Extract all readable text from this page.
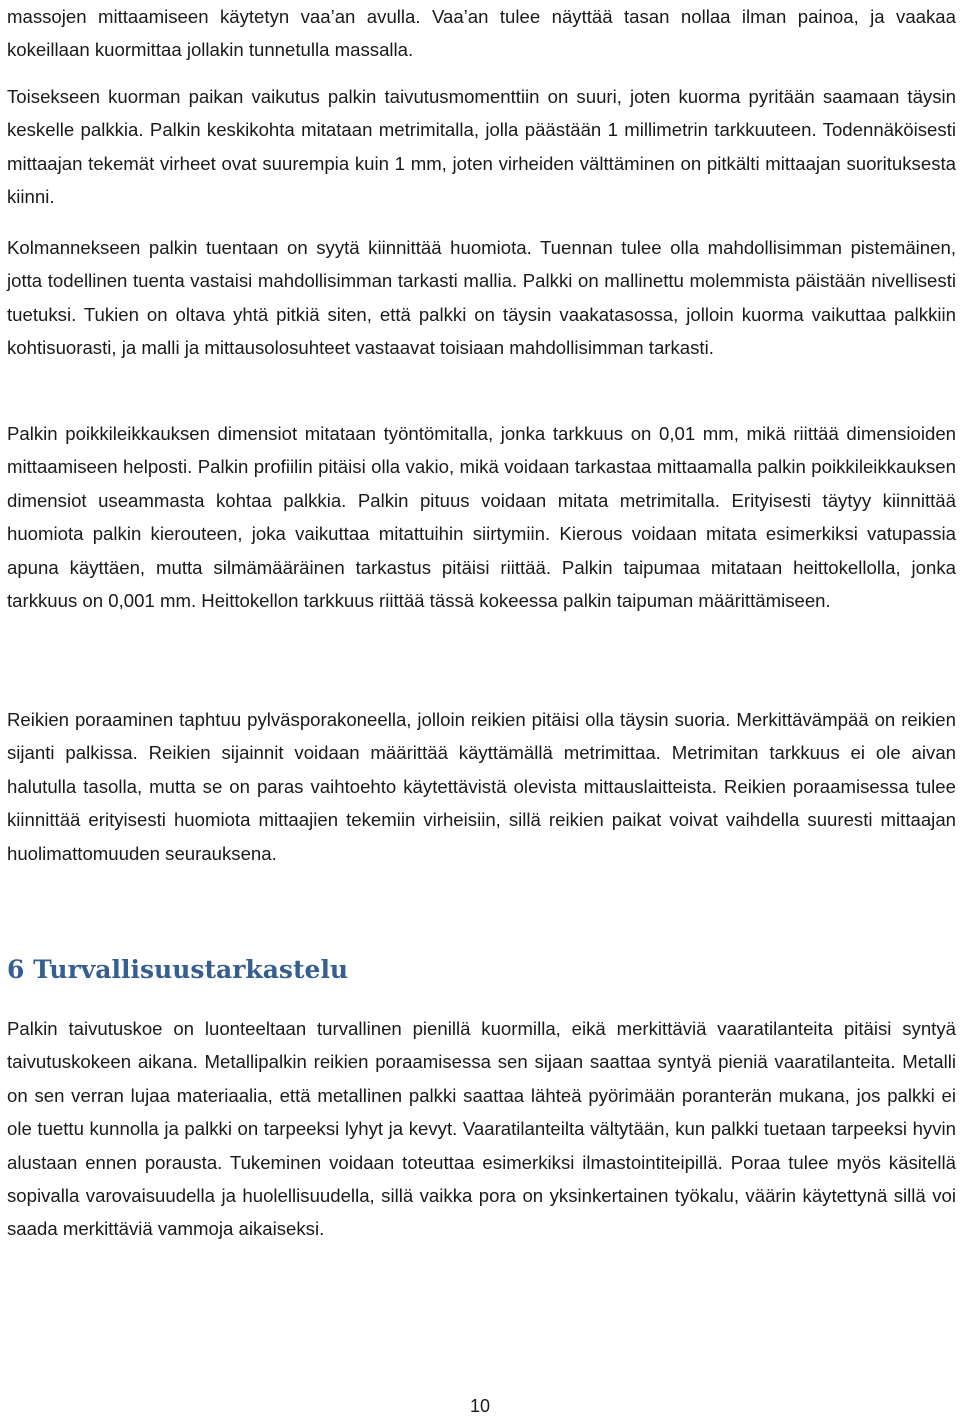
massojen mittaamiseen käytetyn vaa’an avulla. Vaa’an tulee näyttää tasan nollaa ilman painoa, ja vaakaa kokeillaan kuormittaa jollakin tunnetulla massalla.

Toisekseen kuorman paikan vaikutus palkin taivutusmomenttiin on suuri, joten kuorma pyritään saamaan täysin keskelle palkkia. Palkin keskikohta mitataan metrimitalla, jolla päästään 1 millimetrin tarkkuuteen. Todennäköisesti mittaajan tekemät virheet ovat suurempia kuin 1 mm, joten virheiden välttäminen on pitkälti mittaajan suorituksesta kiinni.

Kolmannekseen palkin tuentaan on syytä kiinnittää huomiota. Tuennan tulee olla mahdollisimman pistemäinen, jotta todellinen tuenta vastaisi mahdollisimman tarkasti mallia. Palkki on mallinettu molemmista päistään nivellisesti tuetuksi. Tukien on oltava yhtä pitkiä siten, että palkki on täysin vaakatasossa, jolloin kuorma vaikuttaa palkkiin kohtisuorasti, ja malli ja mittausolosuhteet vastaavat toisiaan mahdollisimman tarkasti.

Palkin poikkileikkauksen dimensiot mitataan työntömitalla, jonka tarkkuus on 0,01 mm, mikä riittää dimensioiden mittaamiseen helposti. Palkin profiilin pitäisi olla vakio, mikä voidaan tarkastaa mittaamalla palkin poikkileikkauksen dimensiot useammasta kohtaa palkkia. Palkin pituus voidaan mitata metrimitalla. Erityisesti täytyy kiinnittää huomiota palkin kierouteen, joka vaikuttaa mitattuihin siirtymiin. Kierous voidaan mitata esimerkiksi vatupassia apuna käyttäen, mutta silmämääräinen tarkastus pitäisi riittää. Palkin taipumaa mitataan heittokellolla, jonka tarkkuus on 0,001 mm. Heittokellon tarkkuus riittää tässä kokeessa palkin taipuman määrittämiseen.

Reikien poraaminen taphtuu pylväsporakoneella, jolloin reikien pitäisi olla täysin suoria. Merkittävämpää on reikien sijanti palkissa. Reikien sijainnit voidaan määrittää käyttämällä metrimittaa. Metrimitan tarkkuus ei ole aivan halutulla tasolla, mutta se on paras vaihtoehto käytettävistä olevista mittauslaitteista. Reikien poraamisessa tulee kiinnittää erityisesti huomiota mittaajien tekemiin virheisiin, sillä reikien paikat voivat vaihdella suuresti mittaajan huolimattomuuden seurauksena.

6 Turvallisuustarkastelu

Palkin taivutuskoe on luonteeltaan turvallinen pienillä kuormilla, eikä merkittäviä vaaratilanteita pitäisi syntyä taivutuskokeen aikana. Metallipalkin reikien poraamisessa sen sijaan saattaa syntyä pieniä vaaratilanteita. Metalli on sen verran lujaa materiaalia, että metallinen palkki saattaa lähteä pyörimään poranterän mukana, jos palkki ei ole tuettu kunnolla ja palkki on tarpeeksi lyhyt ja kevyt. Vaaratilanteilta vältytään, kun palkki tuetaan tarpeeksi hyvin alustaan ennen porausta. Tukeminen voidaan toteuttaa esimerkiksi ilmastointiteipillä. Poraa tulee myös käsitellä sopivalla varovaisuudella ja huolellisuudella, sillä vaikka pora on yksinkertainen työkalu, väärin käytettynä sillä voi saada merkittäviä vammoja aikaiseksi.

10
